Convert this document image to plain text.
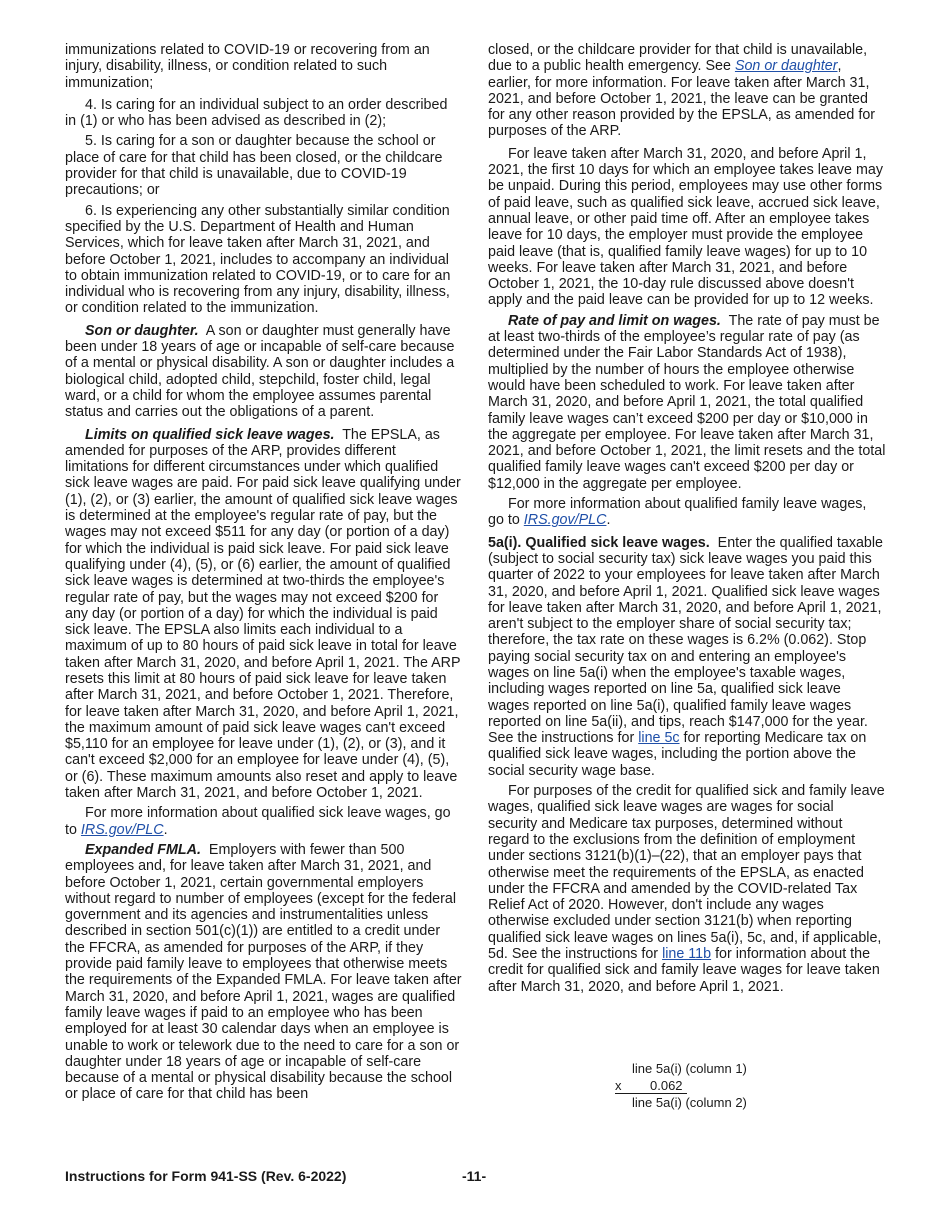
immunizations related to COVID-19 or recovering from an injury, disability, illness, or condition related to such immunization;

4. Is caring for an individual subject to an order described in (1) or who has been advised as described in (2);

5. Is caring for a son or daughter because the school or place of care for that child has been closed, or the childcare provider for that child is unavailable, due to COVID-19 precautions; or

6. Is experiencing any other substantially similar condition specified by the U.S. Department of Health and Human Services, which for leave taken after March 31, 2021, and before October 1, 2021, includes to accompany an individual to obtain immunization related to COVID-19, or to care for an individual who is recovering from any injury, disability, illness, or condition related to the immunization.

Son or daughter. A son or daughter must generally have been under 18 years of age or incapable of self-care because of a mental or physical disability. A son or daughter includes a biological child, adopted child, stepchild, foster child, legal ward, or a child for whom the employee assumes parental status and carries out the obligations of a parent.

Limits on qualified sick leave wages. The EPSLA, as amended for purposes of the ARP, provides different limitations for different circumstances under which qualified sick leave wages are paid. For paid sick leave qualifying under (1), (2), or (3) earlier, the amount of qualified sick leave wages is determined at the employee's regular rate of pay, but the wages may not exceed $511 for any day (or portion of a day) for which the individual is paid sick leave. For paid sick leave qualifying under (4), (5), or (6) earlier, the amount of qualified sick leave wages is determined at two-thirds the employee's regular rate of pay, but the wages may not exceed $200 for any day (or portion of a day) for which the individual is paid sick leave. The EPSLA also limits each individual to a maximum of up to 80 hours of paid sick leave in total for leave taken after March 31, 2020, and before April 1, 2021. The ARP resets this limit at 80 hours of paid sick leave for leave taken after March 31, 2021, and before October 1, 2021. Therefore, for leave taken after March 31, 2020, and before April 1, 2021, the maximum amount of paid sick leave wages can't exceed $5,110 for an employee for leave under (1), (2), or (3), and it can't exceed $2,000 for an employee for leave under (4), (5), or (6). These maximum amounts also reset and apply to leave taken after March 31, 2021, and before October 1, 2021.

For more information about qualified sick leave wages, go to IRS.gov/PLC.

Expanded FMLA. Employers with fewer than 500 employees and, for leave taken after March 31, 2021, and before October 1, 2021, certain governmental employers without regard to number of employees (except for the federal government and its agencies and instrumentalities unless described in section 501(c)(1)) are entitled to a credit under the FFCRA, as amended for purposes of the ARP, if they provide paid family leave to employees that otherwise meets the requirements of the Expanded FMLA. For leave taken after March 31, 2020, and before April 1, 2021, wages are qualified family leave wages if paid to an employee who has been employed for at least 30 calendar days when an employee is unable to work or telework due to the need to care for a son or daughter under 18 years of age or incapable of self-care because of a mental or physical disability because the school or place of care for that child has been

closed, or the childcare provider for that child is unavailable, due to a public health emergency. See Son or daughter, earlier, for more information. For leave taken after March 31, 2021, and before October 1, 2021, the leave can be granted for any other reason provided by the EPSLA, as amended for purposes of the ARP.

For leave taken after March 31, 2020, and before April 1, 2021, the first 10 days for which an employee takes leave may be unpaid. During this period, employees may use other forms of paid leave, such as qualified sick leave, accrued sick leave, annual leave, or other paid time off. After an employee takes leave for 10 days, the employer must provide the employee paid leave (that is, qualified family leave wages) for up to 10 weeks. For leave taken after March 31, 2021, and before October 1, 2021, the 10-day rule discussed above doesn't apply and the paid leave can be provided for up to 12 weeks.

Rate of pay and limit on wages. The rate of pay must be at least two-thirds of the employee’s regular rate of pay (as determined under the Fair Labor Standards Act of 1938), multiplied by the number of hours the employee otherwise would have been scheduled to work. For leave taken after March 31, 2020, and before April 1, 2021, the total qualified family leave wages can’t exceed $200 per day or $10,000 in the aggregate per employee. For leave taken after March 31, 2021, and before October 1, 2021, the limit resets and the total qualified family leave wages can't exceed $200 per day or $12,000 in the aggregate per employee.

For more information about qualified family leave wages, go to IRS.gov/PLC.

5a(i). Qualified sick leave wages. Enter the qualified taxable (subject to social security tax) sick leave wages you paid this quarter of 2022 to your employees for leave taken after March 31, 2020, and before April 1, 2021. Qualified sick leave wages for leave taken after March 31, 2020, and before April 1, 2021, aren't subject to the employer share of social security tax; therefore, the tax rate on these wages is 6.2% (0.062). Stop paying social security tax on and entering an employee's wages on line 5a(i) when the employee's taxable wages, including wages reported on line 5a, qualified sick leave wages reported on line 5a(i), qualified family leave wages reported on line 5a(ii), and tips, reach $147,000 for the year. See the instructions for line 5c for reporting Medicare tax on qualified sick leave wages, including the portion above the social security wage base.

For purposes of the credit for qualified sick and family leave wages, qualified sick leave wages are wages for social security and Medicare tax purposes, determined without regard to the exclusions from the definition of employment under sections 3121(b)(1)–(22), that an employer pays that otherwise meet the requirements of the EPSLA, as enacted under the FFCRA and amended by the COVID-related Tax Relief Act of 2020. However, don't include any wages otherwise excluded under section 3121(b) when reporting qualified sick leave wages on lines 5a(i), 5c, and, if applicable, 5d. See the instructions for line 11b for information about the credit for qualified sick and family leave wages for leave taken after March 31, 2020, and before April 1, 2021.

line 5a(i) (column 1)
x 0.062
line 5a(i) (column 2)
Instructions for Form 941-SS (Rev. 6-2022)	-11-
